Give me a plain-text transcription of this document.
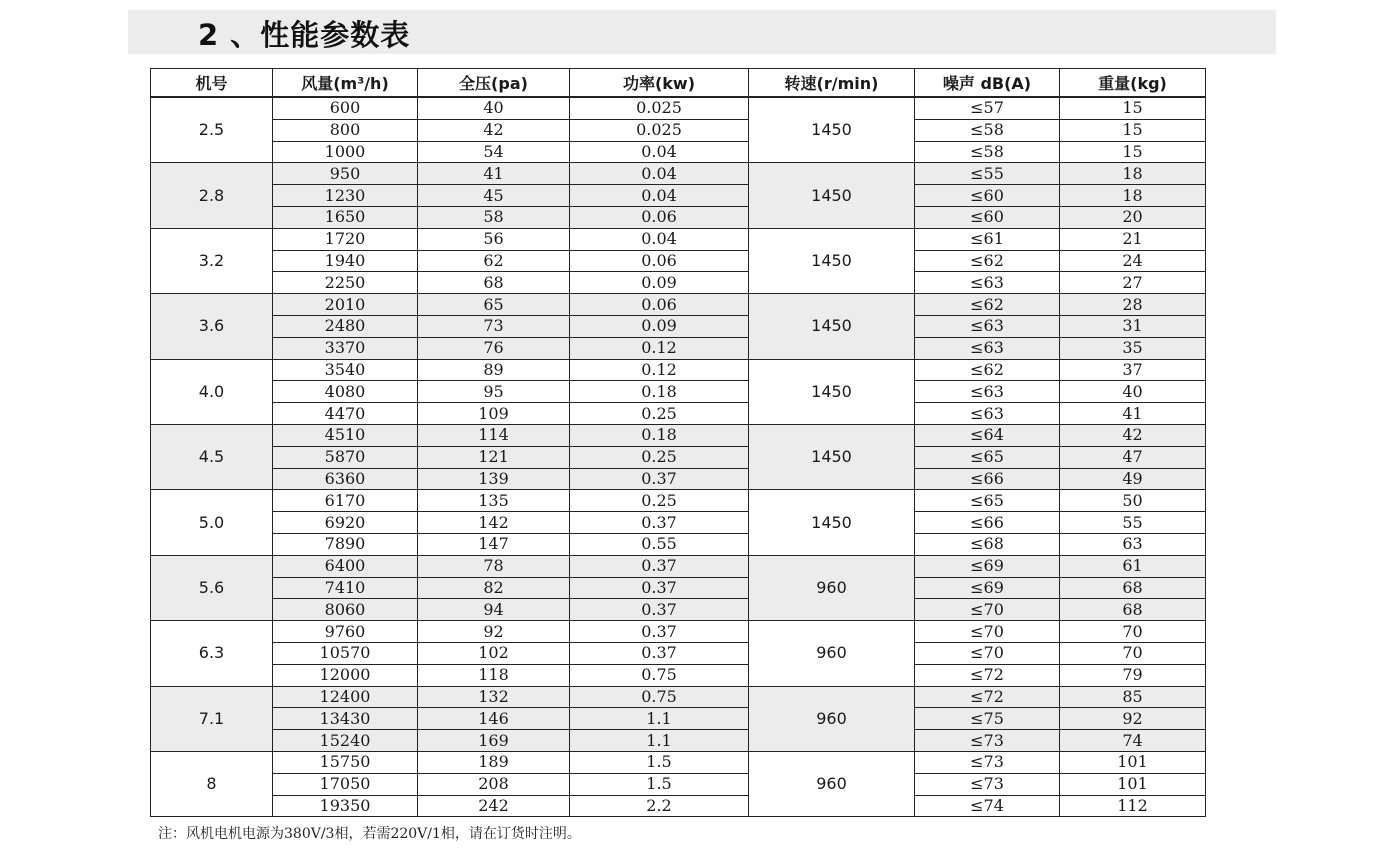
2 、性能参数表
机号	风量(m³/h)	全压(pa)	功率(kw)	转速(r/min)	噪声 dB(A)	重量(kg)
2.5	600	40	0.025	1450	≤57	15
	800	42	0.025		≤58	15
	1000	54	0.04		≤58	15
2.8	950	41	0.04	1450	≤55	18
	1230	45	0.04		≤60	18
	1650	58	0.06		≤60	20
3.2	1720	56	0.04	1450	≤61	21
	1940	62	0.06		≤62	24
	2250	68	0.09		≤63	27
3.6	2010	65	0.06	1450	≤62	28
	2480	73	0.09		≤63	31
	3370	76	0.12		≤63	35
4.0	3540	89	0.12	1450	≤62	37
	4080	95	0.18		≤63	40
	4470	109	0.25		≤63	41
4.5	4510	114	0.18	1450	≤64	42
	5870	121	0.25		≤65	47
	6360	139	0.37		≤66	49
5.0	6170	135	0.25	1450	≤65	50
	6920	142	0.37		≤66	55
	7890	147	0.55		≤68	63
5.6	6400	78	0.37	960	≤69	61
	7410	82	0.37		≤69	68
	8060	94	0.37		≤70	68
6.3	9760	92	0.37	960	≤70	70
	10570	102	0.37		≤70	70
	12000	118	0.75		≤72	79
7.1	12400	132	0.75	960	≤72	85
	13430	146	1.1		≤75	92
	15240	169	1.1		≤73	74
8	15750	189	1.5	960	≤73	101
	17050	208	1.5		≤73	101
	19350	242	2.2		≤74	112
注：风机电机电源为380V/3相，若需220V/1相，请在订货时注明。
